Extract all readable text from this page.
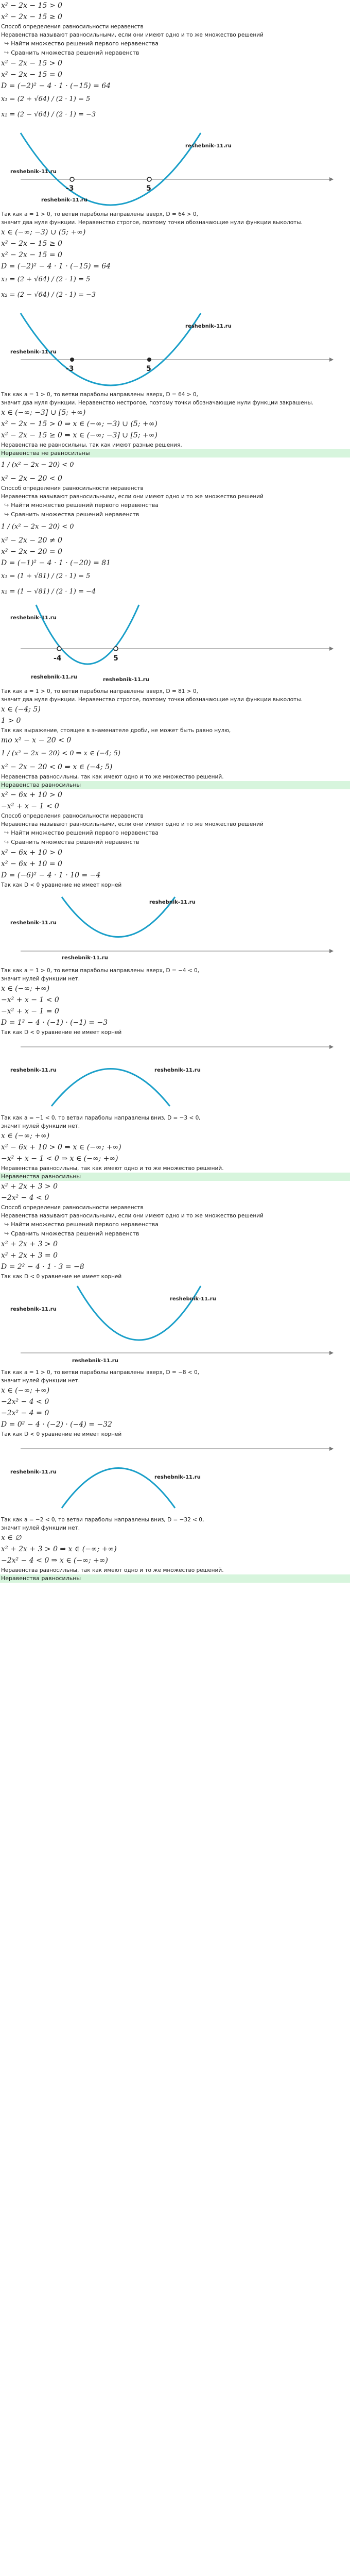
x² − 2x − 15 > 0
x² − 2x − 15 ≥ 0
Способ определения равносильности неравенств
Неравенства называют равносильными, если они имеют одно и то же множество решений
↪ Найти множество решений первого неравенства
↪ Сравнить множества решений неравенств
x² − 2x − 15 > 0
x² − 2x − 15 = 0
D = (−2)² − 4 · 1 · (−15) = 64
x₁ = (2 + √64) / (2 · 1) = 5
x₂ = (2 − √64) / (2 · 1) = −3
-3	5
reshebnik-11.ru
reshebnik-11.ru
reshebnik-11.ru
Так как a = 1 > 0, то ветви параболы направлены вверх, D = 64 > 0,
значит два нуля функции. Неравенство строгое, поэтому точки обозначающие нули функции выколоты.
x ∈ (−∞; −3) ∪ (5; +∞)
x² − 2x − 15 ≥ 0
x² − 2x − 15 = 0
D = (−2)² − 4 · 1 · (−15) = 64
x₁ = (2 + √64) / (2 · 1) = 5
x₂ = (2 − √64) / (2 · 1) = −3
-3	5
reshebnik-11.ru
reshebnik-11.ru
Так как a = 1 > 0, то ветви параболы направлены вверх, D = 64 > 0,
значит два нуля функции. Неравенство нестрогое, поэтому точки обозначающие нули функции закрашены.
x ∈ (−∞; −3] ∪ [5; +∞)
x² − 2x − 15 > 0 ⇒ x ∈ (−∞; −3) ∪ (5; +∞)
x² − 2x − 15 ≥ 0 ⇒ x ∈ (−∞; −3] ∪ [5; +∞)
Неравенства не равносильны, так как имеют разные решения.
Неравенства не равносильны
1 / (x² − 2x − 20) < 0
x² − 2x − 20 < 0
Способ определения равносильности неравенств
Неравенства называют равносильными, если они имеют одно и то же множество решений
↪ Найти множество решений первого неравенства
↪ Сравнить множества решений неравенств
1 / (x² − 2x − 20) < 0
x² − 2x − 20 ≠ 0
x² − 2x − 20 = 0
D = (−1)² − 4 · 1 · (−20) = 81
x₁ = (1 + √81) / (2 · 1) = 5
x₂ = (1 − √81) / (2 · 1) = −4
-4	5
reshebnik-11.ru
reshebnik-11.ru	reshebnik-11.ru
Так как a = 1 > 0, то ветви параболы направлены вверх, D = 81 > 0,
значит два нуля функции. Неравенство строгое, поэтому точки обозначающие нули функции выколоты.
x ∈ (−4; 5)
1 > 0
Так как выражение, стоящее в знаменателе дроби, не может быть равно нулю,
то x² − x − 20 < 0
1 / (x² − 2x − 20) < 0 ⇒ x ∈ (−4; 5)
x² − 2x − 20 < 0 ⇒ x ∈ (−4; 5)
Неравенства равносильны, так как имеют одно и то же множество решений.
Неравенства равносильны
x² − 6x + 10 > 0
−x² + x − 1 < 0
Способ определения равносильности неравенств
Неравенства называют равносильными, если они имеют одно и то же множество решений
↪ Найти множество решений первого неравенства
↪ Сравнить множества решений неравенств
x² − 6x + 10 > 0
x² − 6x + 10 = 0
D = (−6)² − 4 · 1 · 10 = −4
Так как D < 0 уравнение не имеет корней
reshebnik-11.ru
reshebnik-11.ru
reshebnik-11.ru
Так как a = 1 > 0, то ветви параболы направлены вверх, D = −4 < 0,
значит нулей функции нет.
x ∈ (−∞; +∞)
−x² + x − 1 < 0
−x² + x − 1 = 0
D = 1² − 4 · (−1) · (−1) = −3
Так как D < 0 уравнение не имеет корней
reshebnik-11.ru	reshebnik-11.ru
Так как a = −1 < 0, то ветви параболы направлены вниз, D = −3 < 0,
значит нулей функции нет.
x ∈ (−∞; +∞)
x² − 6x + 10 > 0 ⇒ x ∈ (−∞; +∞)
−x² + x − 1 < 0 ⇒ x ∈ (−∞; +∞)
Неравенства равносильны, так как имеют одно и то же множество решений.
Неравенства равносильны
x² + 2x + 3 > 0
−2x² − 4 < 0
Способ определения равносильности неравенств
Неравенства называют равносильными, если они имеют одно и то же множество решений
↪ Найти множество решений первого неравенства
↪ Сравнить множества решений неравенств
x² + 2x + 3 > 0
x² + 2x + 3 = 0
D = 2² − 4 · 1 · 3 = −8
Так как D < 0 уравнение не имеет корней
reshebnik-11.ru
reshebnik-11.ru
reshebnik-11.ru
Так как a = 1 > 0, то ветви параболы направлены вверх, D = −8 < 0,
значит нулей функции нет.
x ∈ (−∞; +∞)
−2x² − 4 < 0
−2x² − 4 = 0
D = 0² − 4 · (−2) · (−4) = −32
Так как D < 0 уравнение не имеет корней
reshebnik-11.ru
reshebnik-11.ru
Так как a = −2 < 0, то ветви параболы направлены вниз, D = −32 < 0,
значит нулей функции нет.
x ∈ ∅
x² + 2x + 3 > 0 ⇒ x ∈ (−∞; +∞)
−2x² − 4 < 0 ⇒ x ∈ (−∞; +∞)
Неравенства равносильны, так как имеют одно и то же множество решений.
Неравенства равносильны
